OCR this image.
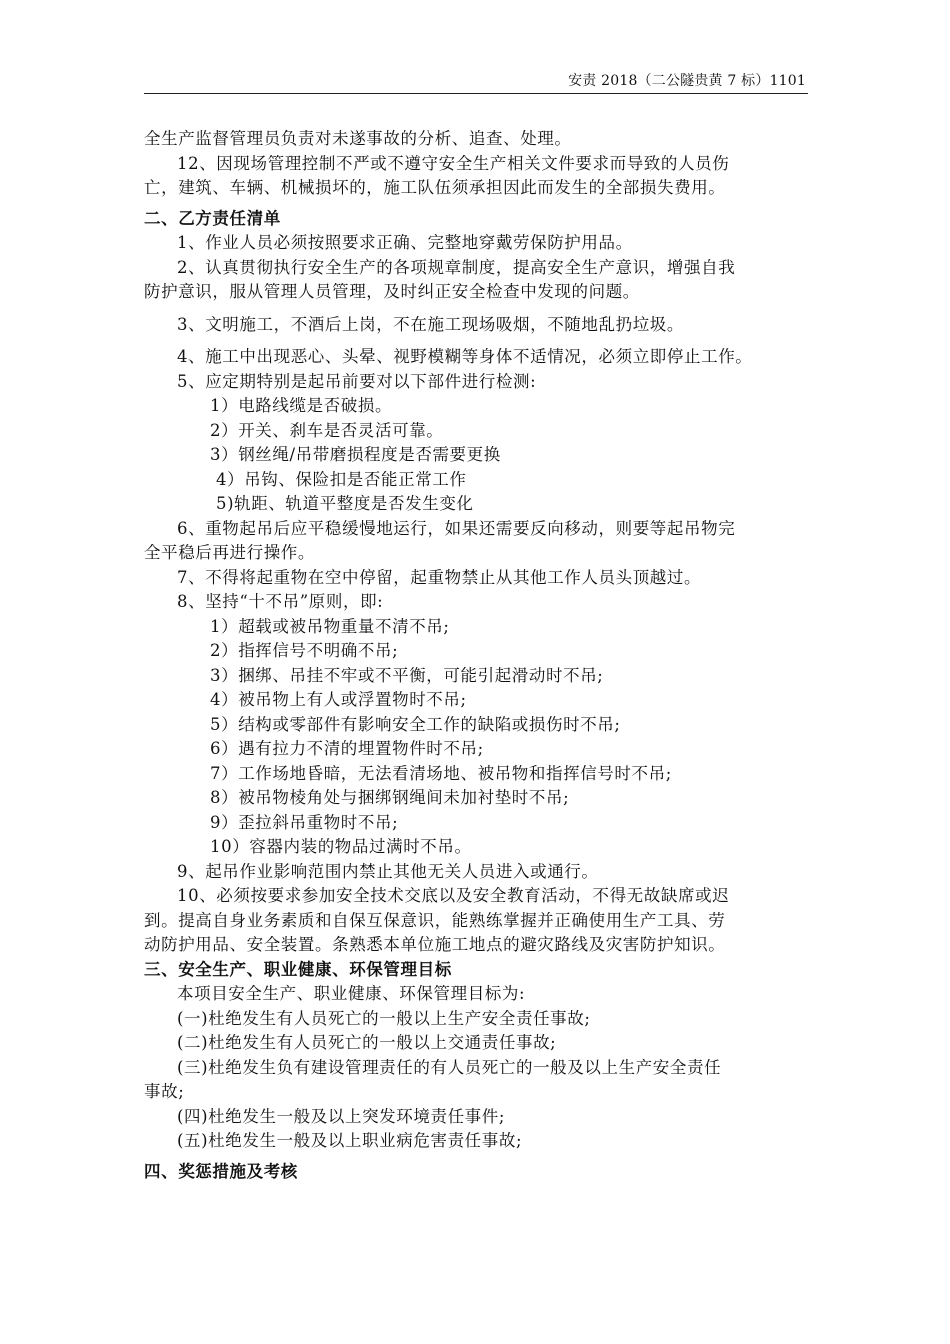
安责 2018（二公隧贵黄 7 标）1101
全生产监督管理员负责对未遂事故的分析、追查、处理。
12、因现场管理控制不严或不遵守安全生产相关文件要求而导致的人员伤
亡，建筑、车辆、机械损坏的，施工队伍须承担因此而发生的全部损失费用。
二、乙方责任清单
1、作业人员必须按照要求正确、完整地穿戴劳保防护用品。
2、认真贯彻执行安全生产的各项规章制度，提高安全生产意识，增强自我
防护意识，服从管理人员管理，及时纠正安全检查中发现的问题。
3、文明施工，不酒后上岗，不在施工现场吸烟，不随地乱扔垃圾。
4、施工中出现恶心、头晕、视野模糊等身体不适情况，必须立即停止工作。
5、应定期特别是起吊前要对以下部件进行检测:
1）电路线缆是否破损。
2）开关、刹车是否灵活可靠。
3）钢丝绳/吊带磨损程度是否需要更换
4）吊钩、保险扣是否能正常工作
5)轨距、轨道平整度是否发生变化
6、重物起吊后应平稳缓慢地运行，如果还需要反向移动，则要等起吊物完
全平稳后再进行操作。
7、不得将起重物在空中停留，起重物禁止从其他工作人员头顶越过。
8、坚持“十不吊”原则，即:
1）超载或被吊物重量不清不吊;
2）指挥信号不明确不吊;
3）捆绑、吊挂不牢或不平衡，可能引起滑动时不吊;
4）被吊物上有人或浮置物时不吊;
5）结构或零部件有影响安全工作的缺陷或损伤时不吊;
6）遇有拉力不清的埋置物件时不吊;
7）工作场地昏暗，无法看清场地、被吊物和指挥信号时不吊;
8）被吊物棱角处与捆绑钢绳间未加衬垫时不吊;
9）歪拉斜吊重物时不吊;
10）容器内装的物品过满时不吊。
9、起吊作业影响范围内禁止其他无关人员进入或通行。
10、必须按要求参加安全技术交底以及安全教育活动，不得无故缺席或迟
到。提高自身业务素质和自保互保意识，能熟练掌握并正确使用生产工具、劳
动防护用品、安全装置。条熟悉本单位施工地点的避灾路线及灾害防护知识。
三、安全生产、职业健康、环保管理目标
本项目安全生产、职业健康、环保管理目标为:
(一)杜绝发生有人员死亡的一般以上生产安全责任事故;
(二)杜绝发生有人员死亡的一般以上交通责任事故;
(三)杜绝发生负有建设管理责任的有人员死亡的一般及以上生产安全责任
事故;
(四)杜绝发生一般及以上突发环境责任事件;
(五)杜绝发生一般及以上职业病危害责任事故;
四、奖惩措施及考核
